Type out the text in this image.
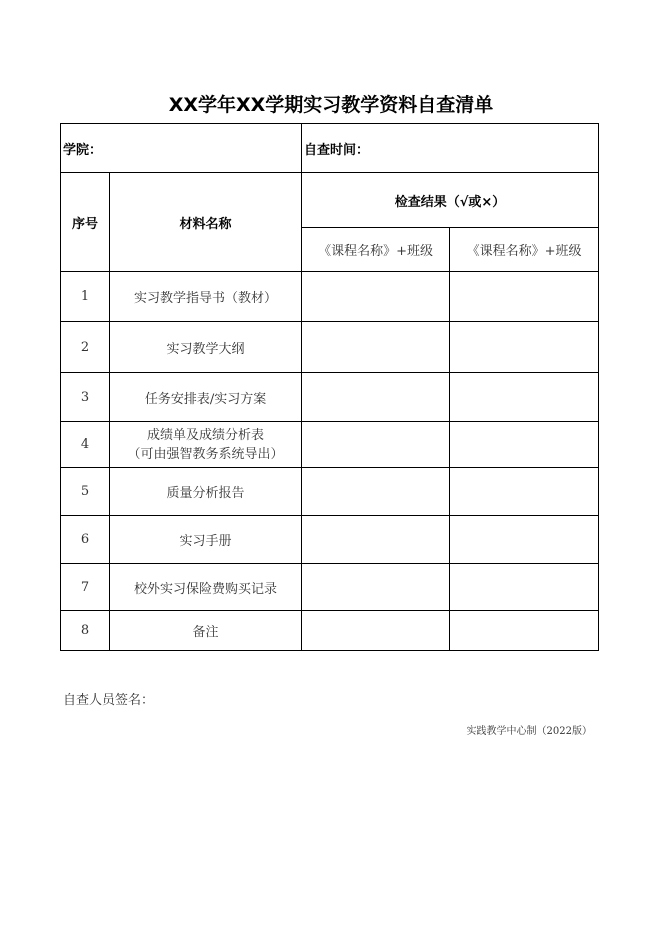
XX学年XX学期实习教学资料自查清单
学院：		自查时间：	
序号	材料名称	检查结果（√或×）	
		《课程名称》+班级	《课程名称》+班级
1	实习教学指导书（教材）		
2	实习教学大纲		
3	任务安排表/实习方案		
4	成绩单及成绩分析表
（可由强智教务系统导出）		

5	质量分析报告		
6	实习手册		
7	校外实习保险费购买记录		
8	备注		
自查人员签名：
实践教学中心制（2022版）
